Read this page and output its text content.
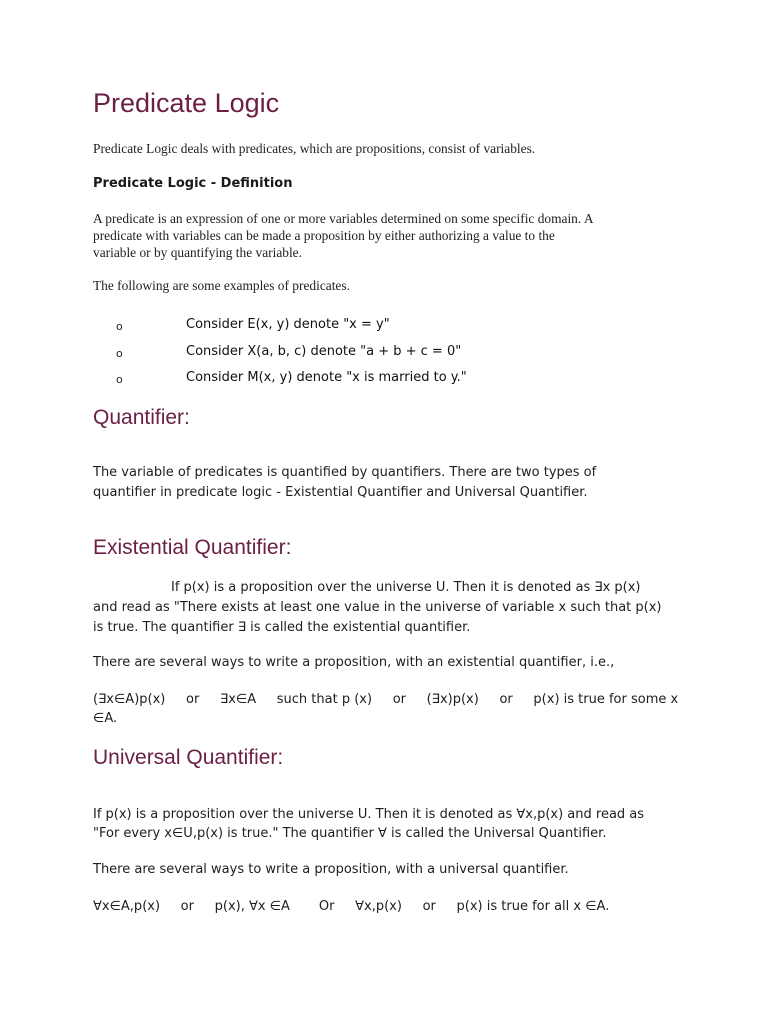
Predicate Logic

Predicate Logic deals with predicates, which are propositions, consist of variables.

Predicate Logic - Definition

A predicate is an expression of one or more variables determined on some specific domain. A

predicate with variables can be made a proposition by either authorizing a value to the

variable or by quantifying the variable.

The following are some examples of predicates.

o	Consider E(x, y) denote "x = y"
o	Consider X(a, b, c) denote "a + b + c = 0"
o	Consider M(x, y) denote "x is married to y."
Quantifier:

The variable of predicates is quantified by quantifiers. There are two types of

quantifier in predicate logic - Existential Quantifier and Universal Quantifier.

Existential Quantifier:

If p(x) is a proposition over the universe U. Then it is denoted as ∃x p(x)

and read as "There exists at least one value in the universe of variable x such that p(x)

is true. The quantifier ∃ is called the existential quantifier.

There are several ways to write a proposition, with an existential quantifier, i.e.,

(∃x∈A)p(x)     or     ∃x∈A     such that p (x)     or     (∃x)p(x)     or     p(x) is true for some x

∈A.

Universal Quantifier:

If p(x) is a proposition over the universe U. Then it is denoted as ∀x,p(x) and read as

"For every x∈U,p(x) is true." The quantifier ∀ is called the Universal Quantifier.

There are several ways to write a proposition, with a universal quantifier.

∀x∈A,p(x)     or     p(x), ∀x ∈A       Or     ∀x,p(x)     or     p(x) is true for all x ∈A.
